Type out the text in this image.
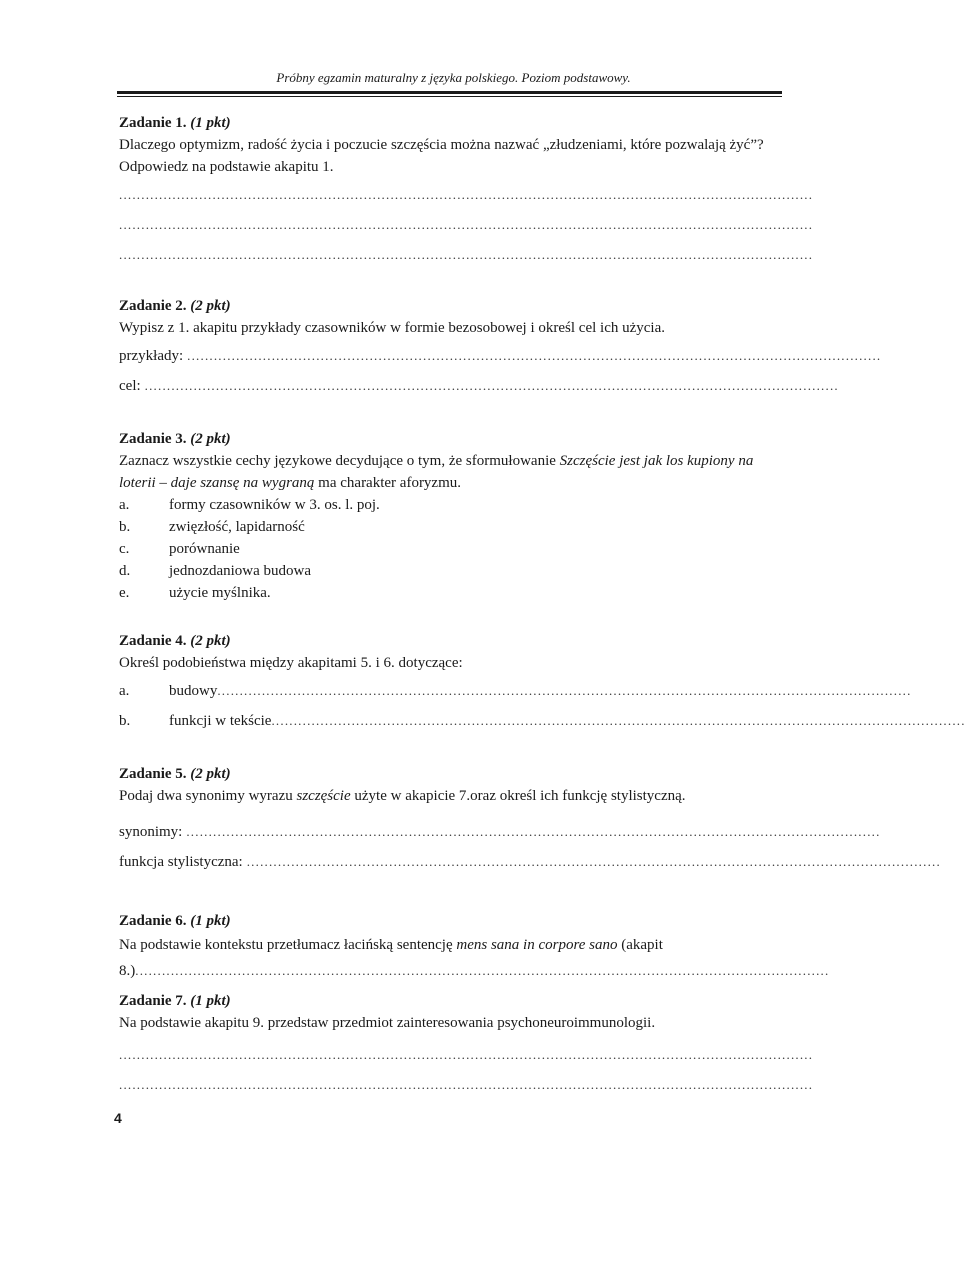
Próbny egzamin maturalny z języka polskiego. Poziom podstawowy.
Zadanie 1. (1 pkt)

Dlaczego optymizm, radość życia i poczucie szczęścia można nazwać „złudzeniami, które pozwalają żyć”? Odpowiedz na podstawie akapitu 1.

............................................................................................................................................................
............................................................................................................................................................
............................................................................................................................................................
Zadanie 2. (2 pkt)

Wypisz z 1. akapitu przykłady czasowników w formie bezosobowej i określ cel ich użycia.

przykłady: ............................................................................................................................................................
cel: ............................................................................................................................................................
Zadanie 3. (2 pkt)

Zaznacz wszystkie cechy językowe decydujące o tym, że sformułowanie Szczęście jest jak los kupiony na loterii – daje szansę na wygraną ma charakter aforyzmu.

a.	formy czasowników w 3. os. l. poj.
b.	zwięzłość, lapidarność
c.	porównanie
d.	jednozdaniowa budowa
e.	użycie myślnika.
Zadanie 4. (2 pkt)

Określ podobieństwa między akapitami 5. i 6. dotyczące:

a.	budowy ............................................................................................................................................................
b.	funkcji w tekście ............................................................................................................................................................
Zadanie 5. (2 pkt)

Podaj dwa synonimy wyrazu szczęście użyte w akapicie 7.oraz określ ich funkcję stylistyczną.

synonimy: ............................................................................................................................................................
funkcja stylistyczna: ............................................................................................................................................................
Zadanie 6. (1 pkt)

Na podstawie kontekstu przetłumacz łacińską sentencję mens sana in corpore sano (akapit

8.) ............................................................................................................................................................
Zadanie 7. (1 pkt)

Na podstawie akapitu 9. przedstaw przedmiot zainteresowania psychoneuroimmunologii.

............................................................................................................................................................
............................................................................................................................................................
4
